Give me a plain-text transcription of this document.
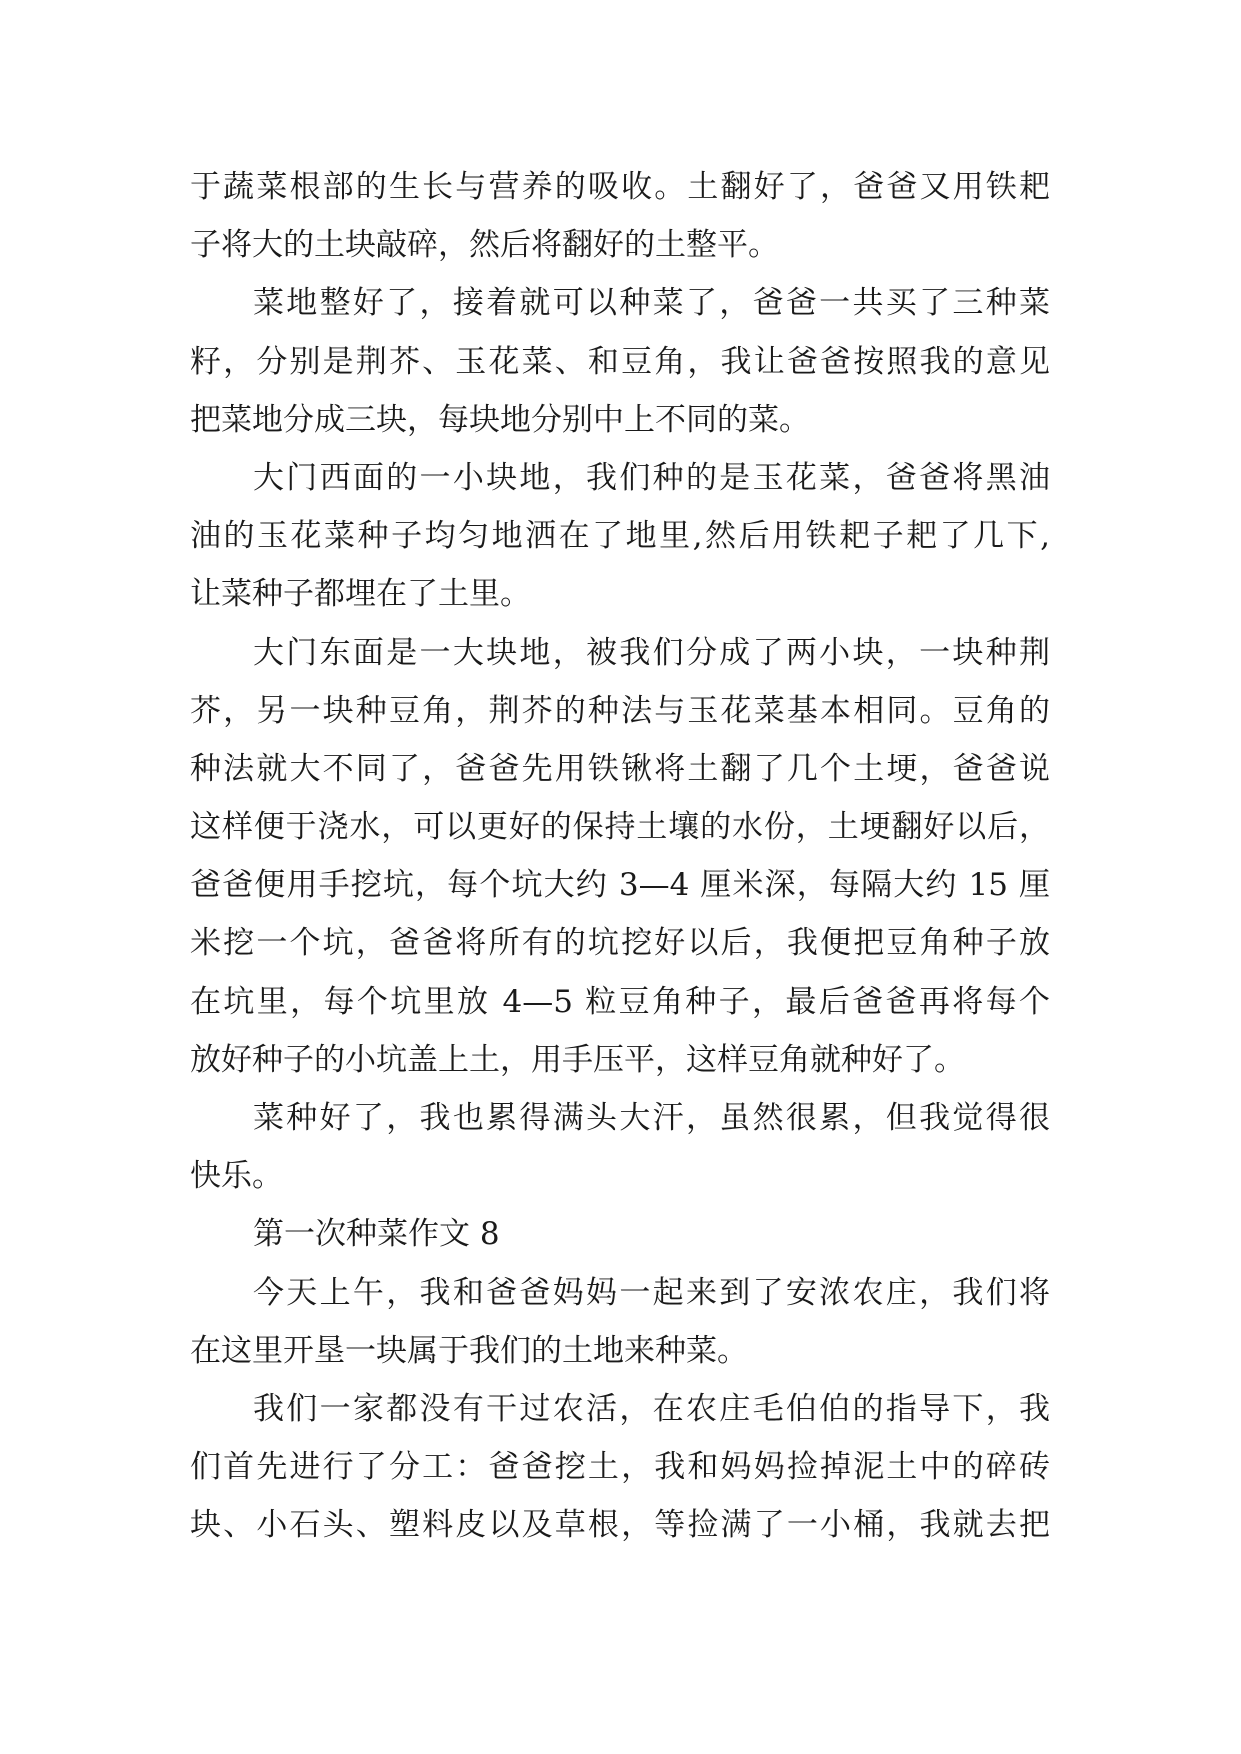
于蔬菜根部的生长与营养的吸收。土翻好了，爸爸又用铁耙
子将大的土块敲碎，然后将翻好的土整平。
菜地整好了，接着就可以种菜了，爸爸一共买了三种菜
籽，分别是荆芥、玉花菜、和豆角，我让爸爸按照我的意见
把菜地分成三块，每块地分别中上不同的菜。
大门西面的一小块地，我们种的是玉花菜，爸爸将黑油
油的玉花菜种子均匀地洒在了地里,然后用铁耙子耙了几下,
让菜种子都埋在了土里。
大门东面是一大块地，被我们分成了两小块，一块种荆
芥，另一块种豆角，荆芥的种法与玉花菜基本相同。豆角的
种法就大不同了，爸爸先用铁锹将土翻了几个土埂，爸爸说
这样便于浇水，可以更好的保持土壤的水份，土埂翻好以后，
爸爸便用手挖坑，每个坑大约 3—4 厘米深，每隔大约 15 厘
米挖一个坑，爸爸将所有的坑挖好以后，我便把豆角种子放
在坑里，每个坑里放 4—5 粒豆角种子，最后爸爸再将每个
放好种子的小坑盖上土，用手压平，这样豆角就种好了。
菜种好了，我也累得满头大汗，虽然很累，但我觉得很
快乐。
第一次种菜作文 8
今天上午，我和爸爸妈妈一起来到了安浓农庄，我们将
在这里开垦一块属于我们的土地来种菜。
我们一家都没有干过农活，在农庄毛伯伯的指导下，我
们首先进行了分工：爸爸挖土，我和妈妈捡掉泥土中的碎砖
块、小石头、塑料皮以及草根，等捡满了一小桶，我就去把
